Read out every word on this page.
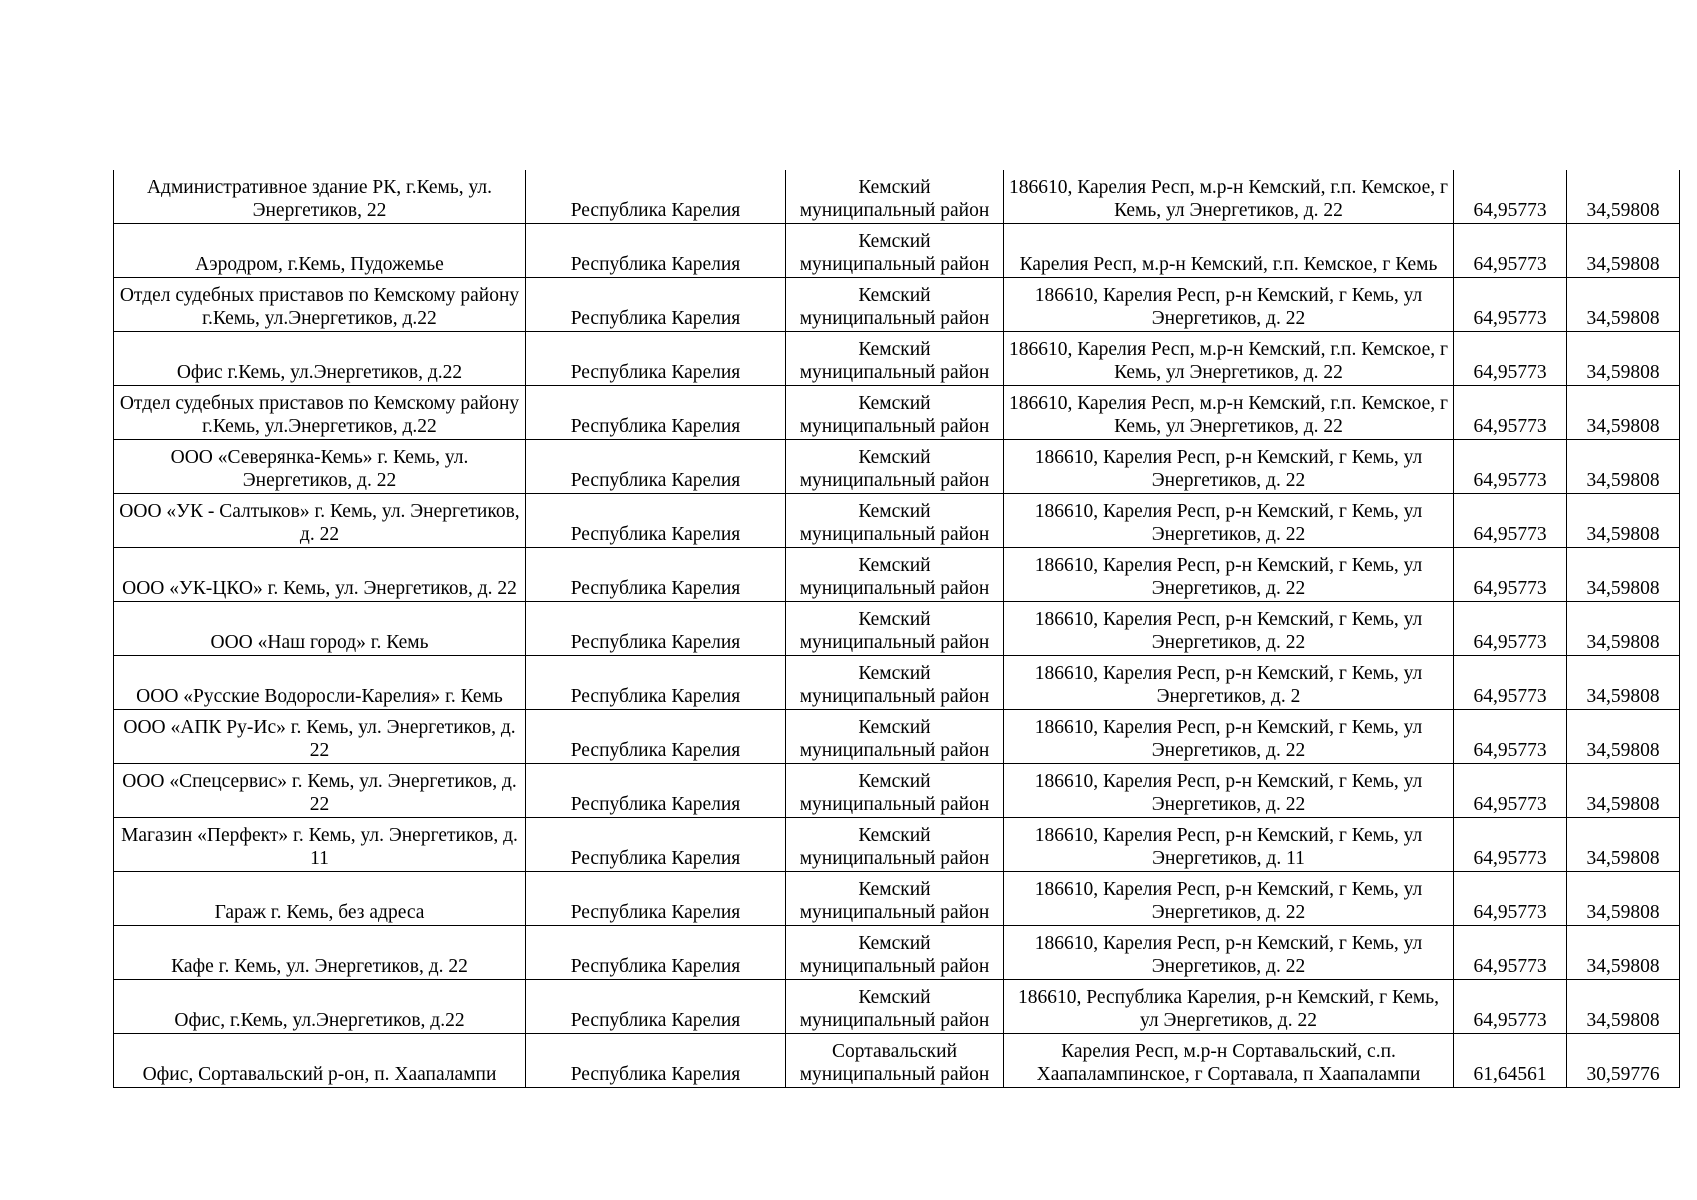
Административное здание РК, г.Кемь, ул. Энергетиков, 22	Республика Карелия	Кемский муниципальный район	186610, Карелия Респ, м.р-н Кемский, г.п. Кемское, г Кемь, ул Энергетиков, д. 22	64,95773	34,59808
Аэродром, г.Кемь, Пудожемье	Республика Карелия	Кемский муниципальный район	Карелия Респ, м.р-н Кемский, г.п. Кемское, г Кемь	64,95773	34,59808
Отдел судебных приставов по Кемскому району г.Кемь, ул.Энергетиков, д.22	Республика Карелия	Кемский муниципальный район	186610, Карелия Респ, р-н Кемский, г Кемь, ул Энергетиков, д. 22	64,95773	34,59808
Офис г.Кемь, ул.Энергетиков, д.22	Республика Карелия	Кемский муниципальный район	186610, Карелия Респ, м.р-н Кемский, г.п. Кемское, г Кемь, ул Энергетиков, д. 22	64,95773	34,59808
Отдел судебных приставов по Кемскому району г.Кемь, ул.Энергетиков, д.22	Республика Карелия	Кемский муниципальный район	186610, Карелия Респ, м.р-н Кемский, г.п. Кемское, г Кемь, ул Энергетиков, д. 22	64,95773	34,59808
ООО «Северянка-Кемь» г. Кемь, ул. Энергетиков, д. 22	Республика Карелия	Кемский муниципальный район	186610, Карелия Респ, р-н Кемский, г Кемь, ул Энергетиков, д. 22	64,95773	34,59808
ООО «УК - Салтыков» г. Кемь, ул. Энергетиков, д. 22	Республика Карелия	Кемский муниципальный район	186610, Карелия Респ, р-н Кемский, г Кемь, ул Энергетиков, д. 22	64,95773	34,59808
ООО «УК-ЦКО» г. Кемь, ул. Энергетиков, д. 22	Республика Карелия	Кемский муниципальный район	186610, Карелия Респ, р-н Кемский, г Кемь, ул Энергетиков, д. 22	64,95773	34,59808
ООО «Наш город» г. Кемь	Республика Карелия	Кемский муниципальный район	186610, Карелия Респ, р-н Кемский, г Кемь, ул Энергетиков, д. 22	64,95773	34,59808
ООО «Русские Водоросли-Карелия» г. Кемь	Республика Карелия	Кемский муниципальный район	186610, Карелия Респ, р-н Кемский, г Кемь, ул Энергетиков, д. 2	64,95773	34,59808
ООО «АПК Ру-Ис» г. Кемь, ул. Энергетиков, д. 22	Республика Карелия	Кемский муниципальный район	186610, Карелия Респ, р-н Кемский, г Кемь, ул Энергетиков, д. 22	64,95773	34,59808
ООО «Спецсервис» г. Кемь, ул. Энергетиков, д. 22	Республика Карелия	Кемский муниципальный район	186610, Карелия Респ, р-н Кемский, г Кемь, ул Энергетиков, д. 22	64,95773	34,59808
Магазин «Перфект» г. Кемь, ул. Энергетиков, д. 11	Республика Карелия	Кемский муниципальный район	186610, Карелия Респ, р-н Кемский, г Кемь, ул Энергетиков, д. 11	64,95773	34,59808
Гараж г. Кемь, без адреса	Республика Карелия	Кемский муниципальный район	186610, Карелия Респ, р-н Кемский, г Кемь, ул Энергетиков, д. 22	64,95773	34,59808
Кафе г. Кемь, ул. Энергетиков, д. 22	Республика Карелия	Кемский муниципальный район	186610, Карелия Респ, р-н Кемский, г Кемь, ул Энергетиков, д. 22	64,95773	34,59808
Офис, г.Кемь, ул.Энергетиков, д.22	Республика Карелия	Кемский муниципальный район	186610, Республика Карелия, р-н Кемский, г Кемь, ул Энергетиков, д. 22	64,95773	34,59808
Офис, Сортавальский р-он, п. Хаапалампи	Республика Карелия	Сортавальский муниципальный район	Карелия Респ, м.р-н Сортавальский, с.п. Хаапалампинское, г Сортавала, п Хаапалампи	61,64561	30,59776
